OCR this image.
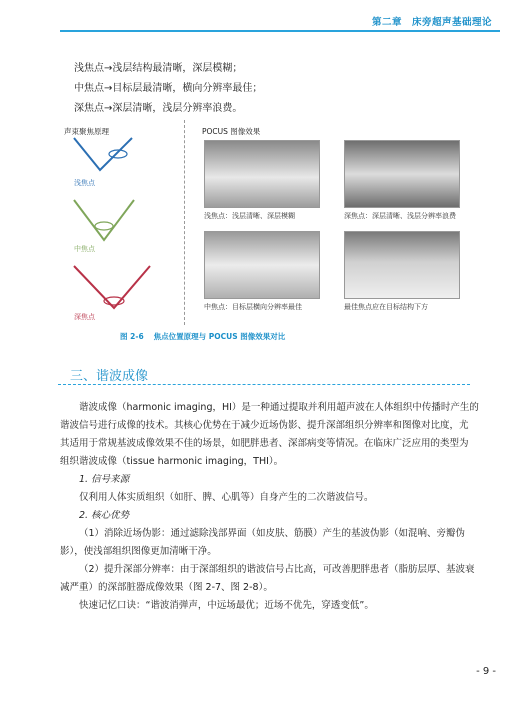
第二章　床旁超声基础理论
浅焦点→浅层结构最清晰，深层模糊；
中焦点→目标层最清晰，横向分辨率最佳；
深焦点→深层清晰，浅层分辨率浪费。
声束聚焦原理	POCUS 图像效果
浅焦点
中焦点
深焦点
浅焦点：浅层清晰、深层模糊	深焦点：深层清晰、浅层分辨率浪费
中焦点：目标层横向分辨率最佳	最佳焦点应在目标结构下方
图 2-6 焦点位置原理与 POCUS 图像效果对比
三、谐波成像
谐波成像（harmonic imaging，HI）是一种通过提取并利用超声波在人体组织中传播时产生的
谐波信号进行成像的技术。其核心优势在于减少近场伪影、提升深部组织分辨率和图像对比度，尤
其适用于常规基波成像效果不佳的场景，如肥胖患者、深部病变等情况。在临床广泛应用的类型为
组织谐波成像（tissue harmonic imaging，THI）。
1. 信号来源
仅利用人体实质组织（如肝、脾、心肌等）自身产生的二次谐波信号。
2. 核心优势
（1）消除近场伪影：通过滤除浅部界面（如皮肤、筋膜）产生的基波伪影（如混响、旁瓣伪
影），使浅部组织图像更加清晰干净。
（2）提升深部分辨率：由于深部组织的谐波信号占比高，可改善肥胖患者（脂肪层厚、基波衰
减严重）的深部脏器成像效果（图 2-7、图 2-8）。
快速记忆口诀：“谐波消弹声，中远场最优；近场不优先，穿透变低”。
- 9 -
